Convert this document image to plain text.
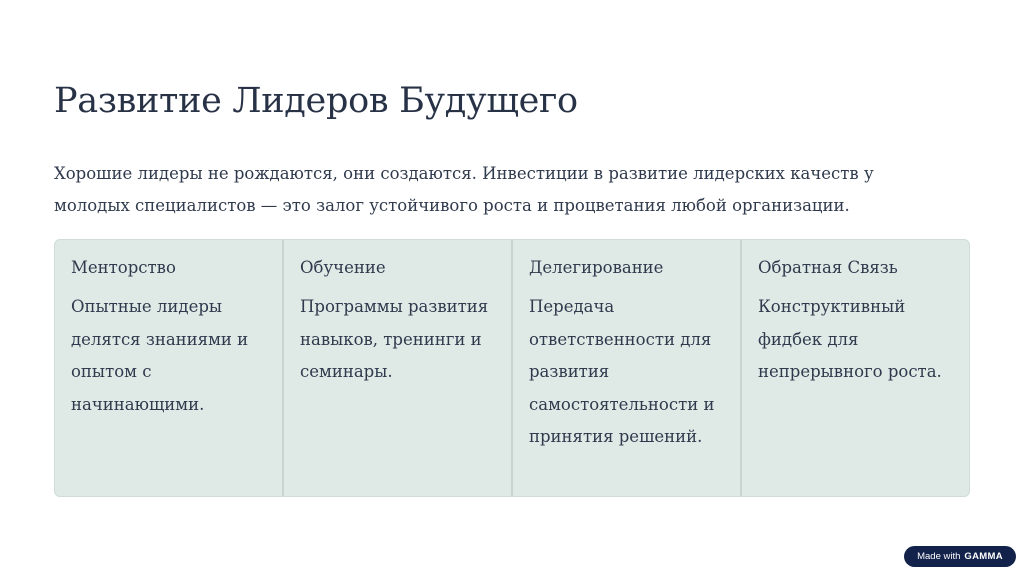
Развитие Лидеров Будущего

Хорошие лидеры не рождаются, они создаются. Инвестиции в развитие лидерских качеств у молодых специалистов — это залог устойчивого роста и процветания любой организации.

Менторство

Опытные лидеры делятся знаниями и опытом с начинающими.

Обучение

Программы развития навыков, тренинги и семинары.

Делегирование

Передача ответственности для развития самостоятельности и принятия решений.

Обратная Связь

Конструктивный фидбек для непрерывного роста.

Made with GAMMA
